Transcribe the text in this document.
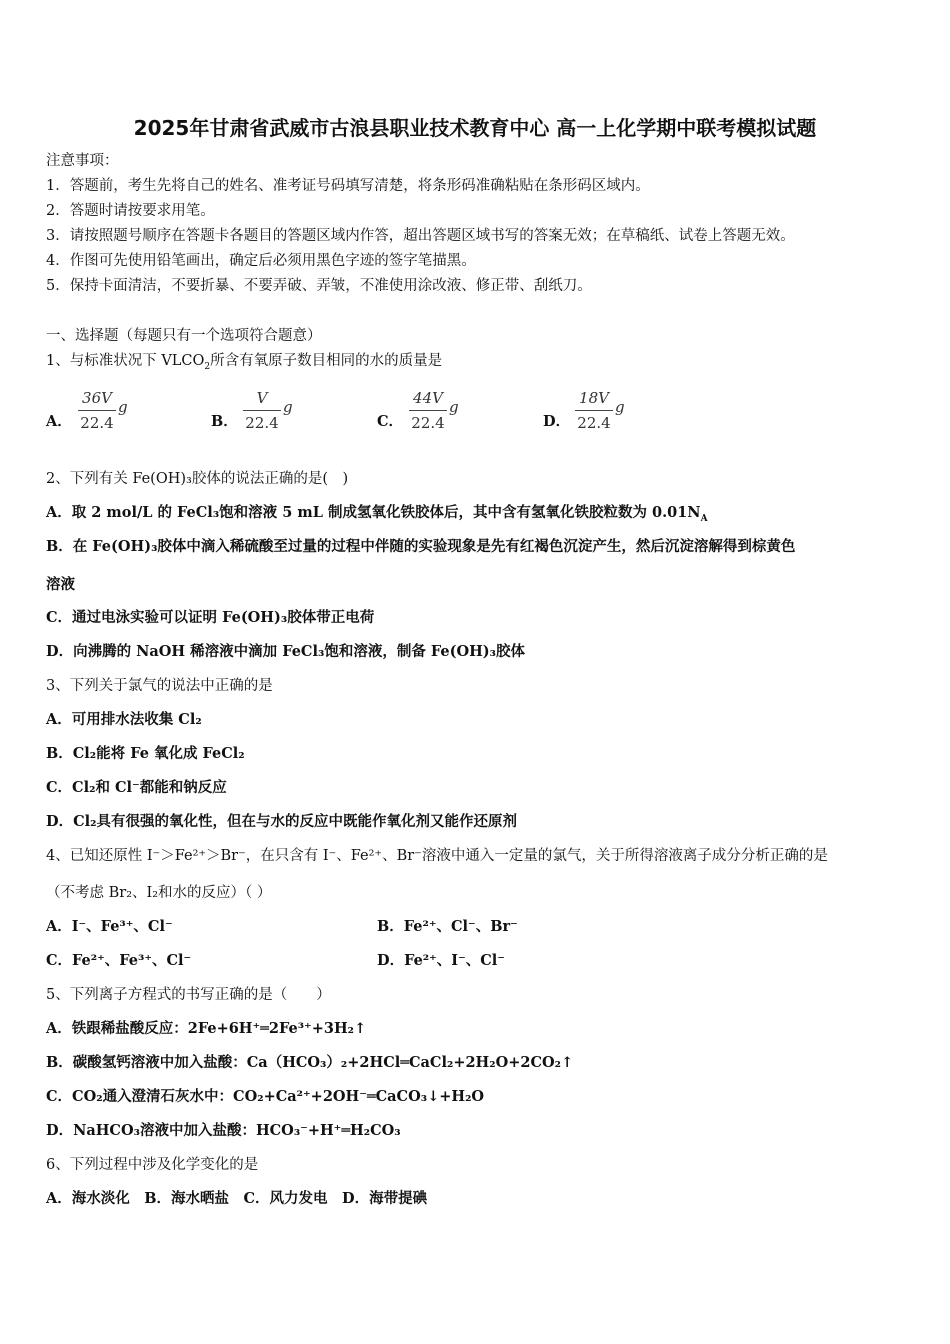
2025年甘肃省武威市古浪县职业技术教育中心 高一上化学期中联考模拟试题
注意事项：
1．答题前，考生先将自己的姓名、准考证号码填写清楚，将条形码准确粘贴在条形码区域内。
2．答题时请按要求用笔。
3．请按照题号顺序在答题卡各题目的答题区域内作答，超出答题区域书写的答案无效；在草稿纸、试卷上答题无效。
4．作图可先使用铅笔画出，确定后必须用黑色字迹的签字笔描黑。
5．保持卡面清洁，不要折暴、不要弄破、弄皱，不准使用涂改液、修正带、刮纸刀。
一、选择题（每题只有一个选项符合题意）
1、与标准状况下 $VLCO_2$所含有氧原子数目相同的水的质量是
A．
36V
22.4
g
B．
V
22.4
g
C．
44V
22.4
g
D．
18V
22.4
g
2、下列有关 Fe(OH)₃胶体的说法正确的是(　)
A．取 2 mol/L 的 FeCl₃饱和溶液 5 mL 制成氢氧化铁胶体后，其中含有氢氧化铁胶粒数为 $0.01N_A$
B．在 Fe(OH)₃胶体中滴入稀硫酸至过量的过程中伴随的实验现象是先有红褐色沉淀产生，然后沉淀溶解得到棕黄色
溶液
C．通过电泳实验可以证明 Fe(OH)₃胶体带正电荷
D．向沸腾的 NaOH 稀溶液中滴加 FeCl₃饱和溶液，制备 Fe(OH)₃胶体
3、下列关于氯气的说法中正确的是
A．可用排水法收集 Cl₂
B．Cl₂能将 Fe 氧化成 FeCl₂
C．Cl₂和 Cl⁻都能和钠反应
D．Cl₂具有很强的氧化性，但在与水的反应中既能作氧化剂又能作还原剂
4、已知还原性 I⁻＞Fe²⁺＞Br⁻，在只含有 I⁻、Fe²⁺、Br⁻溶液中通入一定量的氯气，关于所得溶液离子成分分析正确的是
（不考虑 Br₂、I₂和水的反应）（ ）
A．I⁻、Fe³⁺、Cl⁻	B．Fe²⁺、Cl⁻、Br⁻
C．Fe²⁺、Fe³⁺、Cl⁻	D．Fe²⁺、I⁻、Cl⁻
5、下列离子方程式的书写正确的是（　　）
A．铁跟稀盐酸反应：2Fe+6H⁺═2Fe³⁺+3H₂↑
B．碳酸氢钙溶液中加入盐酸：Ca（HCO₃）₂+2HCl═CaCl₂+2H₂O+2CO₂↑
C．CO₂通入澄清石灰水中：CO₂+Ca²⁺+2OH⁻═CaCO₃↓+H₂O
D．NaHCO₃溶液中加入盐酸：HCO₃⁻+H⁺═H₂CO₃
6、下列过程中涉及化学变化的是
A．海水淡化　B．海水晒盐　C．风力发电　D．海带提碘
